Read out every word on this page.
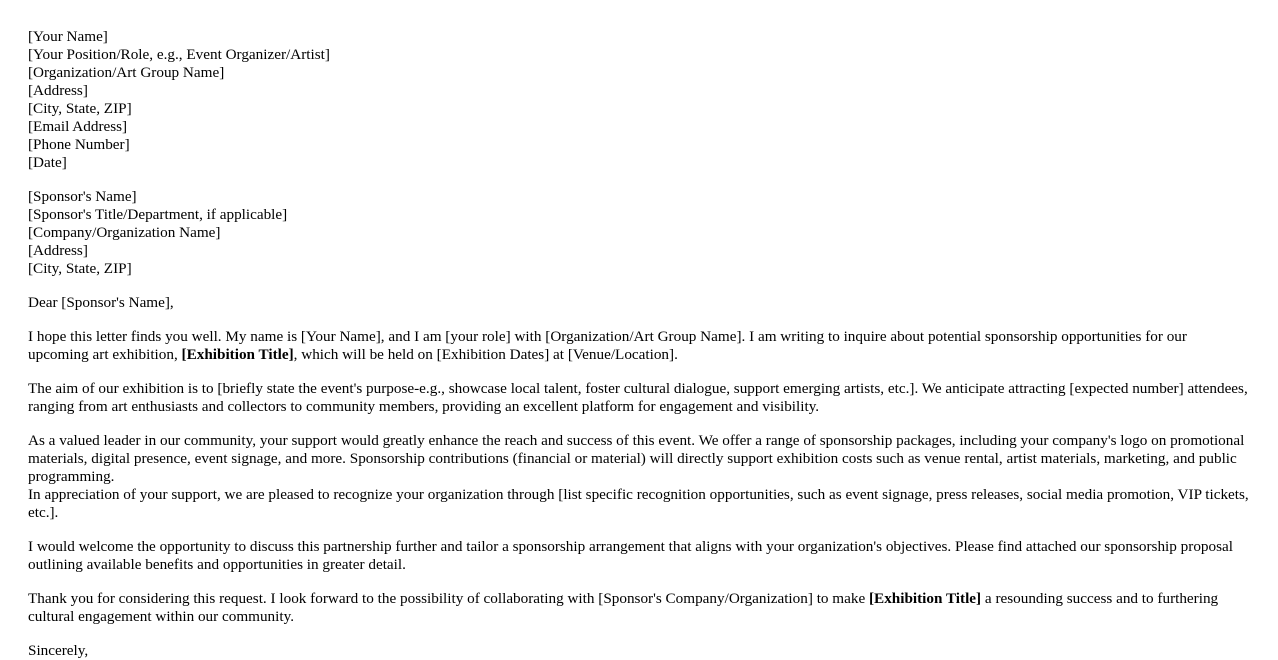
[Your Name]
[Your Position/Role, e.g., Event Organizer/Artist]
[Organization/Art Group Name]
[Address]
[City, State, ZIP]
[Email Address]
[Phone Number]
[Date]
[Sponsor's Name]
[Sponsor's Title/Department, if applicable]
[Company/Organization Name]
[Address]
[City, State, ZIP]

Dear [Sponsor's Name],

I hope this letter finds you well. My name is [Your Name], and I am [your role] with [Organization/Art Group Name]. I am writing to inquire about potential sponsorship opportunities for our upcoming art exhibition, [Exhibition Title], which will be held on [Exhibition Dates] at [Venue/Location].

The aim of our exhibition is to [briefly state the event's purpose-e.g., showcase local talent, foster cultural dialogue, support emerging artists, etc.]. We anticipate attracting [expected number] attendees, ranging from art enthusiasts and collectors to community members, providing an excellent platform for engagement and visibility.

As a valued leader in our community, your support would greatly enhance the reach and success of this event. We offer a range of sponsorship packages, including your company's logo on promotional materials, digital presence, event signage, and more. Sponsorship contributions (financial or material) will directly support exhibition costs such as venue rental, artist materials, marketing, and public programming.
In appreciation of your support, we are pleased to recognize your organization through [list specific recognition opportunities, such as event signage, press releases, social media promotion, VIP tickets, etc.].

I would welcome the opportunity to discuss this partnership further and tailor a sponsorship arrangement that aligns with your organization's objectives. Please find attached our sponsorship proposal outlining available benefits and opportunities in greater detail.

Thank you for considering this request. I look forward to the possibility of collaborating with [Sponsor's Company/Organization] to make [Exhibition Title] a resounding success and to furthering cultural engagement within our community.

Sincerely,
